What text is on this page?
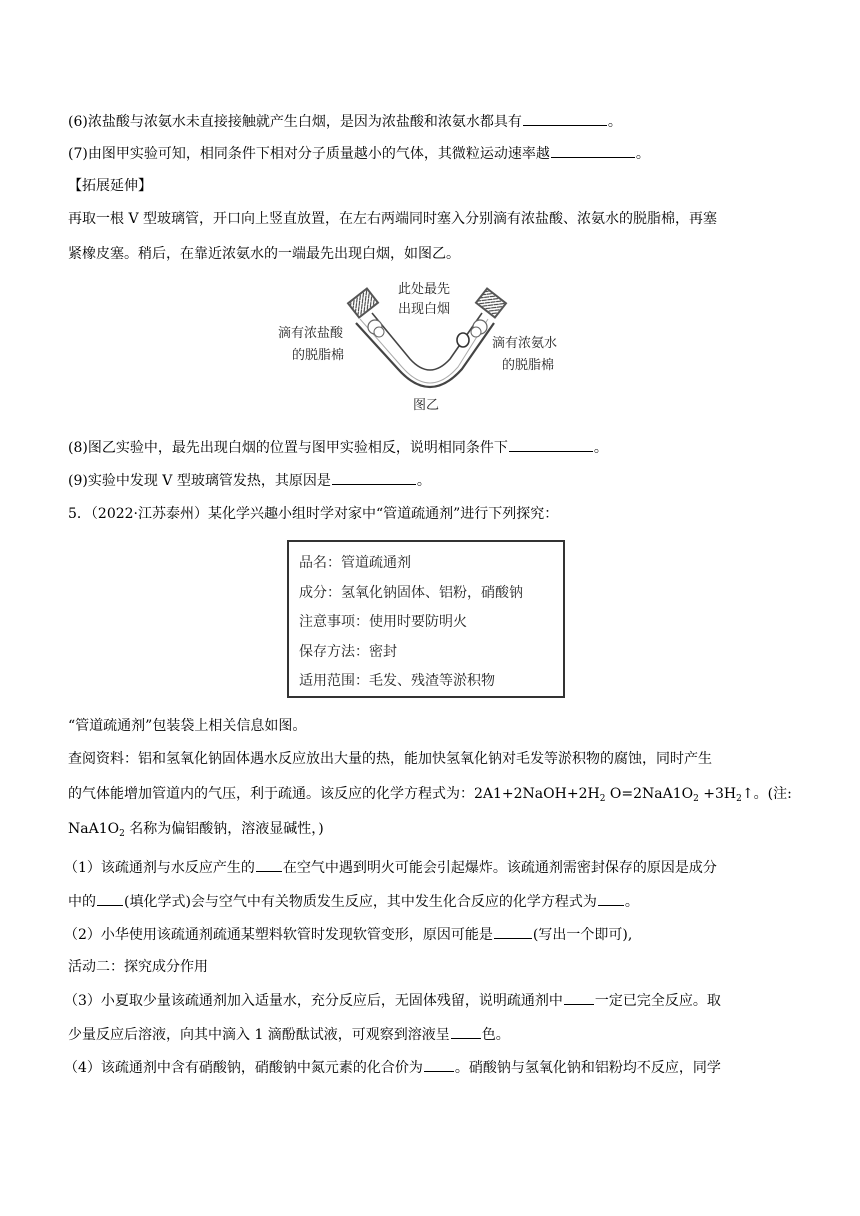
(6)浓盐酸与浓氨水未直接接触就产生白烟，是因为浓盐酸和浓氨水都具有	。
(7)由图甲实验可知，相同条件下相对分子质量越小的气体，其微粒运动速率越	。
【拓展延伸】
再取一根 V 型玻璃管，开口向上竖直放置，在左右两端同时塞入分别滴有浓盐酸、浓氨水的脱脂棉，再塞
紧橡皮塞。稍后，在靠近浓氨水的一端最先出现白烟，如图乙。
此处最先
出现白烟
滴有浓盐酸
的脱脂棉
滴有浓氨水
的脱脂棉
图乙
(8)图乙实验中，最先出现白烟的位置与图甲实验相反，说明相同条件下	。
(9)实验中发现 V 型玻璃管发热，其原因是	。
5．（2022·江苏泰州）某化学兴趣小组时学对家中“管道疏通剂”进行下列探究：
品名：管道疏通剂
成分：氢氧化钠固体、铝粉，硝酸钠
注意事项：使用时要防明火
保存方法：密封
适用范围：毛发、残渣等淤积物
“管道疏通剂”包装袋上相关信息如图。
查阅资料：铝和氢氧化钠固体遇水反应放出大量的热，能加快氢氧化钠对毛发等淤积物的腐蚀，同时产生
的气体能增加管道内的气压，利于疏通。该反应的化学方程式为：$2A1+2NaOH+2H_2$ $O=2NaA1O_2$ $+3H_2↑$。(注:
$NaA1O_2$ 名称为偏铝酸钠，溶液显碱性，)
（1）该疏通剂与水反应产生的 在空气中遇到明火可能会引起爆炸。该疏通剂需密封保存的原因是成分
中的 (填化学式)会与空气中有关物质发生反应，其中发生化合反应的化学方程式为 。
（2）小华使用该疏通剂疏通某塑料软管时发现软管变形，原因可能是	(写出一个即可),
活动二：探究成分作用
（3）小夏取少量该疏通剂加入适量水，充分反应后，无固体残留，说明疏通剂中 一定已完全反应。取
少量反应后溶液，向其中滴入 1 滴酚酞试液，可观察到溶液呈 色。
（4）该疏通剂中含有硝酸钠，硝酸钠中氮元素的化合价为 。硝酸钠与氢氧化钠和铝粉均不反应，同学
